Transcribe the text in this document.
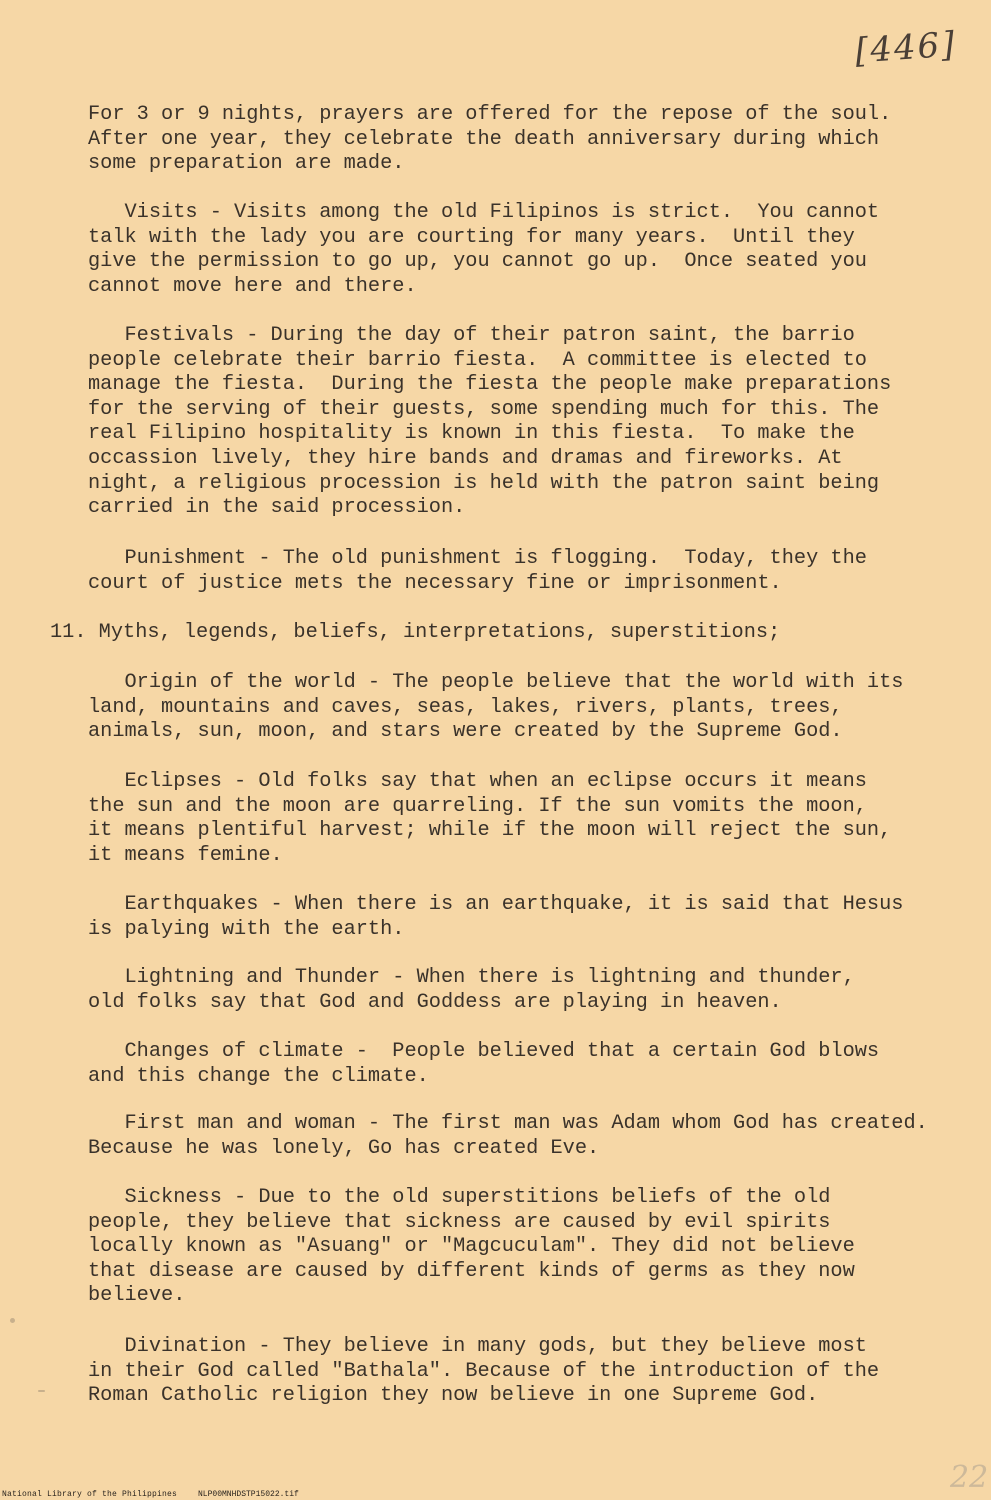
[446]

For 3 or 9 nights, prayers are offered for the repose of the soul.
After one year, they celebrate the death anniversary during which
some preparation are made.

Visits - Visits among the old Filipinos is strict.  You cannot
talk with the lady you are courting for many years.  Until they
give the permission to go up, you cannot go up.  Once seated you
cannot move here and there.

Festivals - During the day of their patron saint, the barrio
people celebrate their barrio fiesta.  A committee is elected to
manage the fiesta.  During the fiesta the people make preparations
for the serving of their guests, some spending much for this. The
real Filipino hospitality is known in this fiesta.  To make the
occassion lively, they hire bands and dramas and fireworks. At
night, a religious procession is held with the patron saint being
carried in the said procession.

Punishment - The old punishment is flogging.  Today, they the
court of justice mets the necessary fine or imprisonment.

11. Myths, legends, beliefs, interpretations, superstitions;

Origin of the world - The people believe that the world with its
land, mountains and caves, seas, lakes, rivers, plants, trees,
animals, sun, moon, and stars were created by the Supreme God.

Eclipses - Old folks say that when an eclipse occurs it means
the sun and the moon are quarreling. If the sun vomits the moon,
it means plentiful harvest; while if the moon will reject the sun,
it means femine.

Earthquakes - When there is an earthquake, it is said that Hesus
is palying with the earth.

Lightning and Thunder - When there is lightning and thunder,
old folks say that God and Goddess are playing in heaven.

Changes of climate -  People believed that a certain God blows
and this change the climate.

First man and woman - The first man was Adam whom God has created.
Because he was lonely, Go has created Eve.

Sickness - Due to the old superstitions beliefs of the old
people, they believe that sickness are caused by evil spirits
locally known as "Asuang" or "Magcuculam". They did not believe
that disease are caused by different kinds of germs as they now
believe.

Divination - They believe in many gods, but they believe most
in their God called "Bathala". Because of the introduction of the
Roman Catholic religion they now believe in one Supreme God.

22
National Library of the Philippines	NLP00MNHDSTP15022.tif
